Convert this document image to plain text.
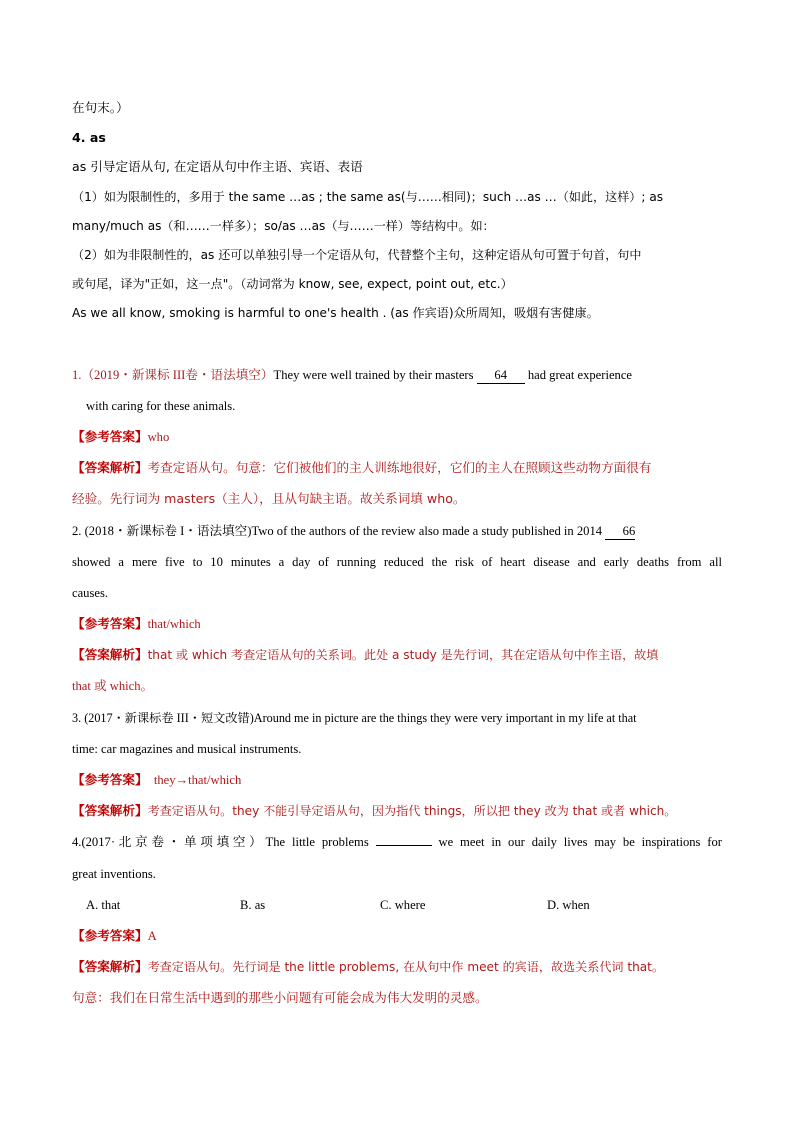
在句末。）
4. as
as 引导定语从句, 在定语从句中作主语、宾语、表语
（1）如为限制性的，多用于 the same …as ; the same as(与……相同)；such …as …（如此，这样）; as
many/much as（和……一样多）；so/as …as（与……一样）等结构中。如：
（2）如为非限制性的，as 还可以单独引导一个定语从句，代替整个主句，这种定语从句可置于句首，句中
或句尾，译为"正如，这一点"。（动词常为 know, see, expect, point out, etc.）
As we all know, smoking is harmful to one's health . (as 作宾语)众所周知，吸烟有害健康。
1.（2019・新课标 III卷・语法填空）They were well trained by their masters 64 had great experience
with caring for these animals.
【参考答案】who
【答案解析】考查定语从句。句意：它们被他们的主人训练地很好，它们的主人在照顾这些动物方面很有
经验。先行词为 masters（主人），且从句缺主语。故关系词填 who。
2. (2018・新课标卷 I・语法填空)Two of the authors of the review also made a study published in 2014 66
showed a mere five to 10 minutes a day of running reduced the risk of heart disease and early deaths from all
causes.
【参考答案】that/which
【答案解析】that 或 which 考查定语从句的关系词。此处 a study 是先行词，其在定语从句中作主语，故填
that 或 which。
3. (2017・新课标卷 III・短文改错)Around me in picture are the things they were very important in my life at that
time: car magazines and musical instruments.
【参考答案】  they→that/which
【答案解析】考查定语从句。they 不能引导定语从句，因为指代 things，所以把 they 改为 that 或者 which。
4.(2017·北京卷・单项填空）The little problems	we meet in our daily lives may be inspirations for
great inventions.
A. that	B. as	C. where	D. when
【参考答案】A
【答案解析】考查定语从句。先行词是 the little problems, 在从句中作 meet 的宾语，故选关系代词 that。
句意：我们在日常生活中遇到的那些小问题有可能会成为伟大发明的灵感。
